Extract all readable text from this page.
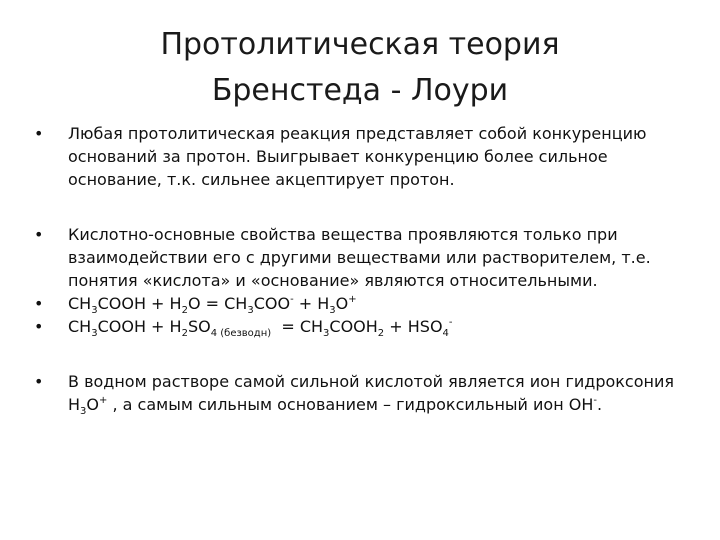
Протолитическая теория
Бренстеда - Лоури
•	Любая протолитическая реакция представляет собой конкуренцию оснований за протон. Выигрывает конкуренцию более сильное основание, т.к. сильнее акцептирует протон.
•	Кислотно-основные свойства вещества проявляются только при взаимодействии его с другими веществами или растворителем, т.е. понятия «кислота» и «основание» являются относительными.
•	$CH_3COOH + H_2O = CH_3COO^- + H_3O^+$
•	$CH_3COOH + H_2SO_{4 (безводн)}$  = $CH_3COOH_2 + HSO_4^-$
•	В водном растворе самой сильной кислотой является ион гидроксония  $H_3O^+$ , а самым сильным основанием – гидроксильный ион OH-.
